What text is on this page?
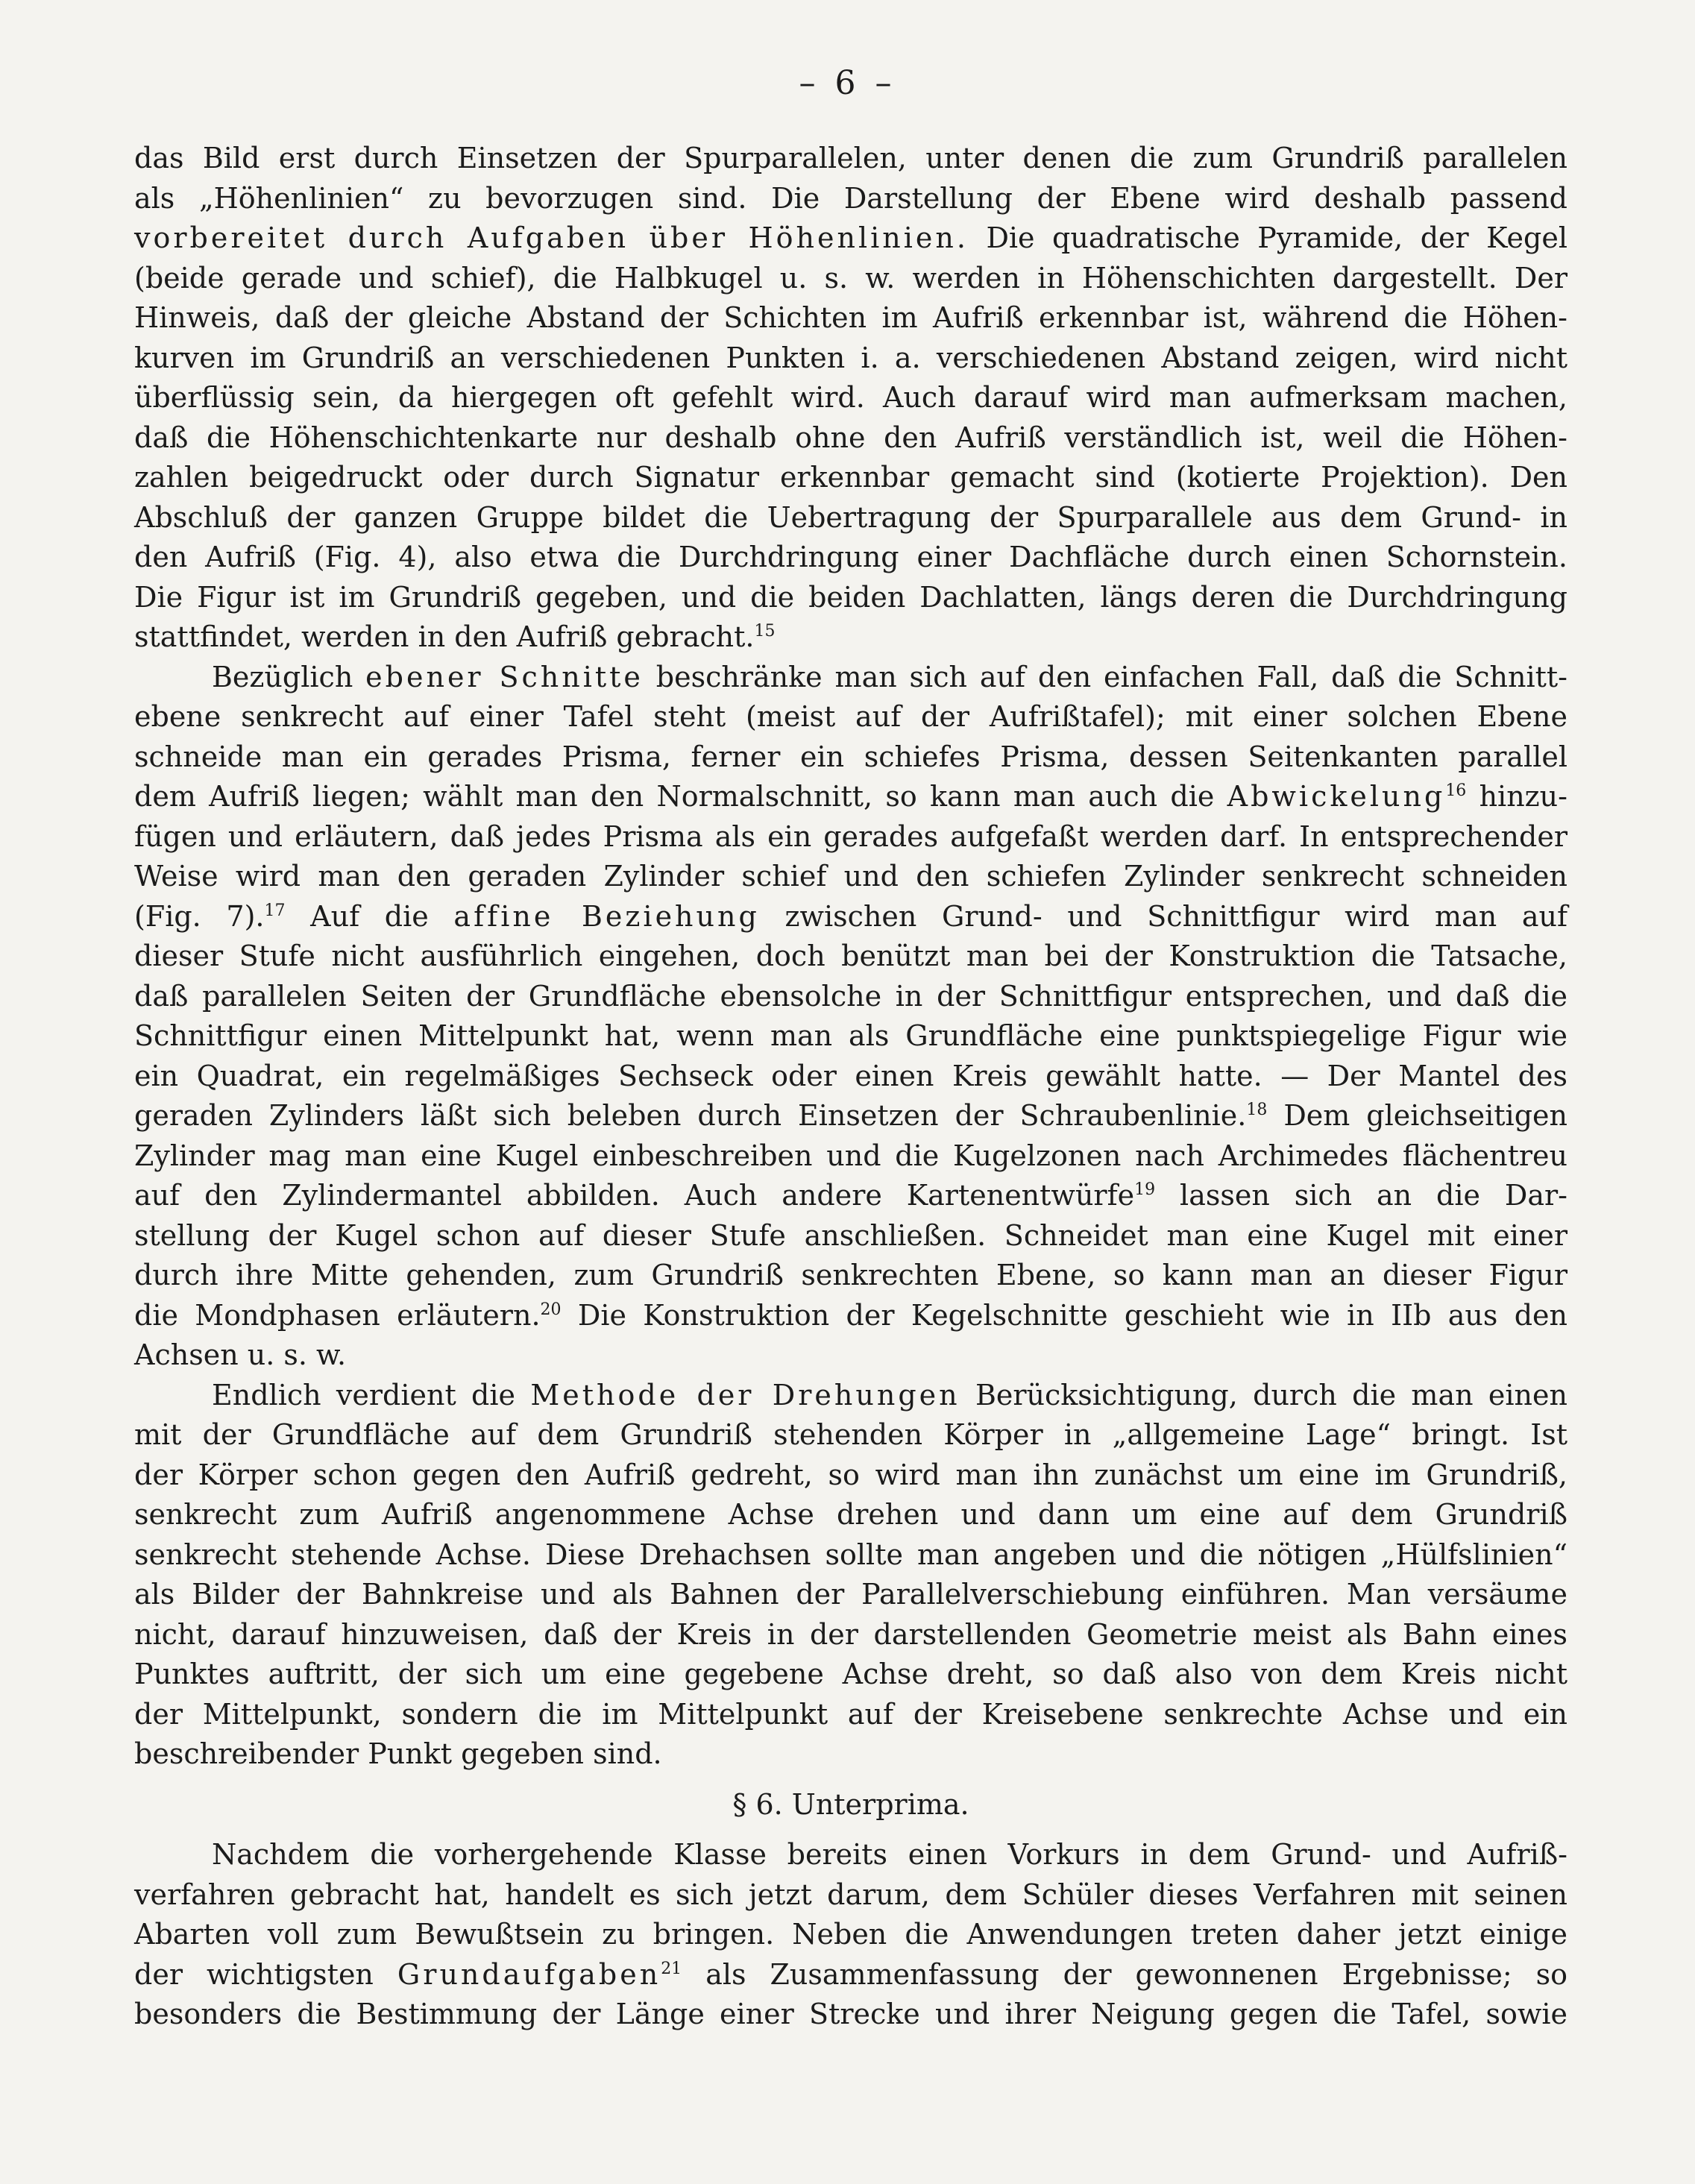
– 6 –
das Bild erst durch Einsetzen der Spurparallelen, unter denen die zum Grundriß parallelen
als „Höhenlinien“ zu bevorzugen sind. Die Darstellung der Ebene wird deshalb passend
vorbereitet durch Aufgaben über Höhenlinien. Die quadratische Pyramide, der Kegel
(beide gerade und schief), die Halbkugel u. s. w. werden in Höhenschichten dargestellt. Der
Hinweis, daß der gleiche Abstand der Schichten im Aufriß erkennbar ist, während die Höhen-
kurven im Grundriß an verschiedenen Punkten i. a. verschiedenen Abstand zeigen, wird nicht
überflüssig sein, da hiergegen oft gefehlt wird. Auch darauf wird man aufmerksam machen,
daß die Höhenschichtenkarte nur deshalb ohne den Aufriß verständlich ist, weil die Höhen-
zahlen beigedruckt oder durch Signatur erkennbar gemacht sind (kotierte Projektion). Den
Abschluß der ganzen Gruppe bildet die Uebertragung der Spurparallele aus dem Grund- in
den Aufriß (Fig. 4), also etwa die Durchdringung einer Dachfläche durch einen Schornstein.
Die Figur ist im Grundriß gegeben, und die beiden Dachlatten, längs deren die Durchdringung
stattfindet, werden in den Aufriß gebracht.$^{15}$
Bezüglich ebener Schnitte beschränke man sich auf den einfachen Fall, daß die Schnitt-
ebene senkrecht auf einer Tafel steht (meist auf der Aufrißtafel); mit einer solchen Ebene
schneide man ein gerades Prisma, ferner ein schiefes Prisma, dessen Seitenkanten parallel
dem Aufriß liegen; wählt man den Normalschnitt, so kann man auch die Abwickelung$^{16}$ hinzu-
fügen und erläutern, daß jedes Prisma als ein gerades aufgefaßt werden darf. In entsprechender
Weise wird man den geraden Zylinder schief und den schiefen Zylinder senkrecht schneiden
(Fig. 7).$^{17}$ Auf die affine Beziehung zwischen Grund- und Schnittfigur wird man auf
dieser Stufe nicht ausführlich eingehen, doch benützt man bei der Konstruktion die Tatsache,
daß parallelen Seiten der Grundfläche ebensolche in der Schnittfigur entsprechen, und daß die
Schnittfigur einen Mittelpunkt hat, wenn man als Grundfläche eine punktspiegelige Figur wie
ein Quadrat, ein regelmäßiges Sechseck oder einen Kreis gewählt hatte. — Der Mantel des
geraden Zylinders läßt sich beleben durch Einsetzen der Schraubenlinie.$^{18}$ Dem gleichseitigen
Zylinder mag man eine Kugel einbeschreiben und die Kugelzonen nach Archimedes flächentreu
auf den Zylindermantel abbilden. Auch andere Kartenentwürfe$^{19}$ lassen sich an die Dar-
stellung der Kugel schon auf dieser Stufe anschließen. Schneidet man eine Kugel mit einer
durch ihre Mitte gehenden, zum Grundriß senkrechten Ebene, so kann man an dieser Figur
die Mondphasen erläutern.$^{20}$ Die Konstruktion der Kegelschnitte geschieht wie in IIb aus den
Achsen u. s. w.
Endlich verdient die Methode der Drehungen Berücksichtigung, durch die man einen
mit der Grundfläche auf dem Grundriß stehenden Körper in „allgemeine Lage“ bringt. Ist
der Körper schon gegen den Aufriß gedreht, so wird man ihn zunächst um eine im Grundriß,
senkrecht zum Aufriß angenommene Achse drehen und dann um eine auf dem Grundriß
senkrecht stehende Achse. Diese Drehachsen sollte man angeben und die nötigen „Hülfslinien“
als Bilder der Bahnkreise und als Bahnen der Parallelverschiebung einführen. Man versäume
nicht, darauf hinzuweisen, daß der Kreis in der darstellenden Geometrie meist als Bahn eines
Punktes auftritt, der sich um eine gegebene Achse dreht, so daß also von dem Kreis nicht
der Mittelpunkt, sondern die im Mittelpunkt auf der Kreisebene senkrechte Achse und ein
beschreibender Punkt gegeben sind.
§ 6. Unterprima.
Nachdem die vorhergehende Klasse bereits einen Vorkurs in dem Grund- und Aufriß-
verfahren gebracht hat, handelt es sich jetzt darum, dem Schüler dieses Verfahren mit seinen
Abarten voll zum Bewußtsein zu bringen. Neben die Anwendungen treten daher jetzt einige
der wichtigsten Grundaufgaben$^{21}$ als Zusammenfassung der gewonnenen Ergebnisse; so
besonders die Bestimmung der Länge einer Strecke und ihrer Neigung gegen die Tafel, sowie
